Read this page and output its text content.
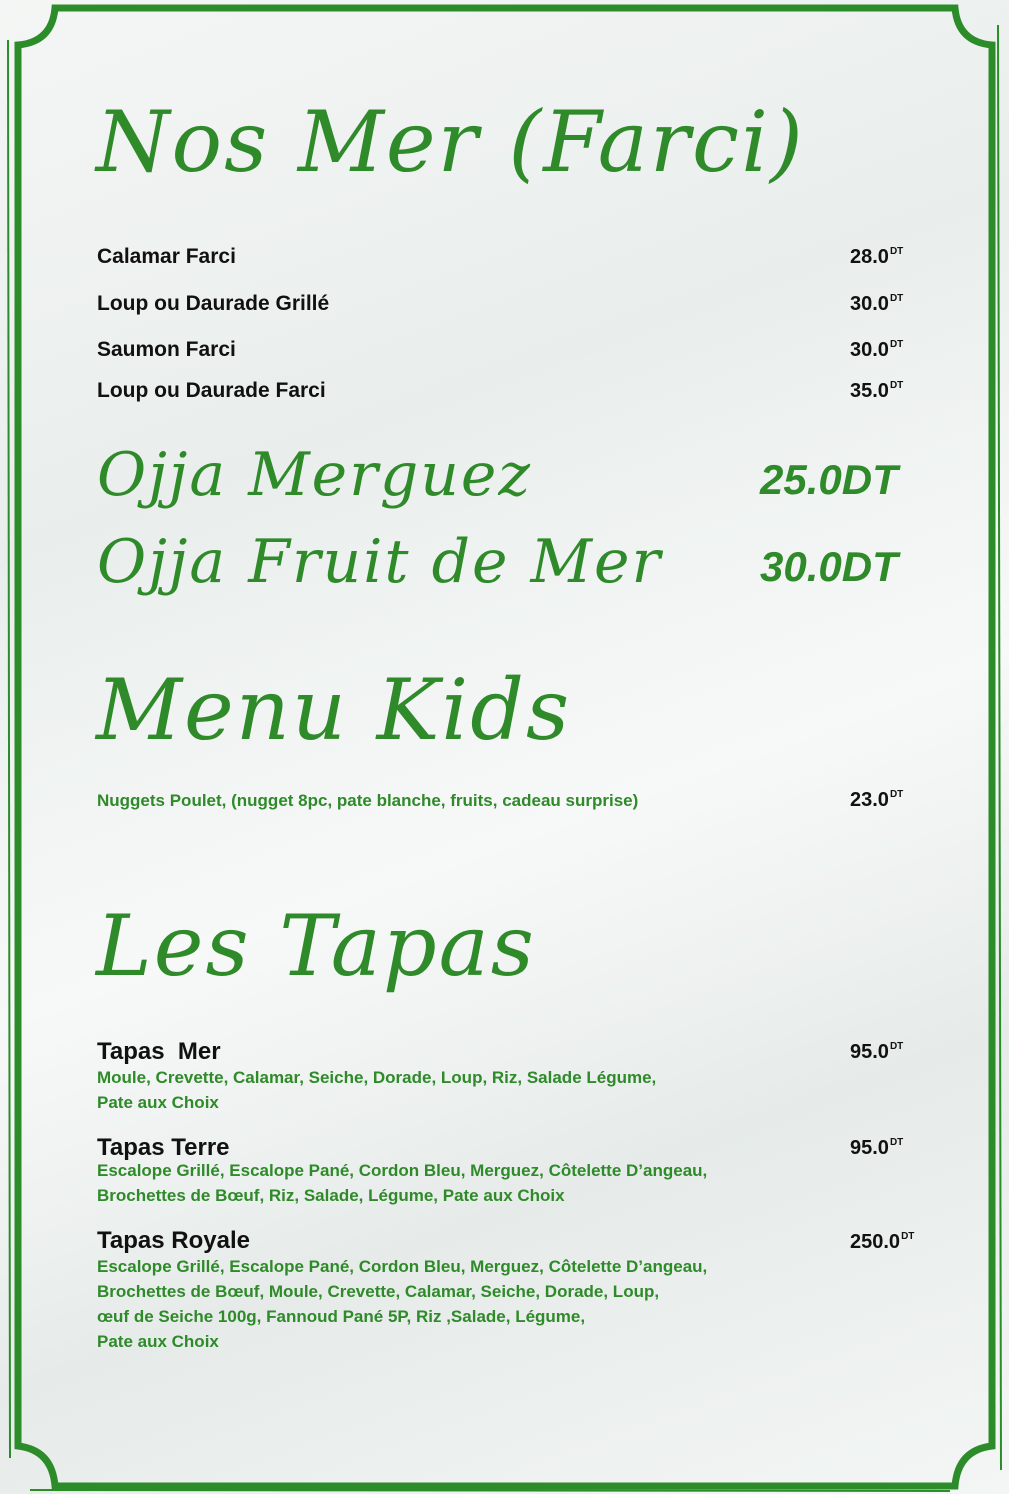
Nos Mer (Farci)
Calamar Farci	$28.0^{DT}$
Loup ou Daurade Grillé	$30.0^{DT}$
Saumon Farci	$30.0^{DT}$
Loup ou Daurade Farci	$35.0^{DT}$
Ojja Merguez	25.0DT
Ojja Fruit de Mer 30.0DT
Menu Kids
Nuggets Poulet, (nugget 8pc, pate blanche, fruits, cadeau surprise)	$23.0^{DT}$
Les Tapas
Tapas  Mer	$95.0^{DT}$
Moule, Crevette, Calamar, Seiche, Dorade, Loup, Riz, Salade Légume,
Pate aux Choix
Tapas Terre	$95.0^{DT}$
Escalope Grillé, Escalope Pané, Cordon Bleu, Merguez, Côtelette D’angeau,
Brochettes de Bœuf, Riz, Salade, Légume, Pate aux Choix
Tapas Royale	$250.0^{DT}$
Escalope Grillé, Escalope Pané, Cordon Bleu, Merguez, Côtelette D’angeau,
Brochettes de Bœuf, Moule, Crevette, Calamar, Seiche, Dorade, Loup,
œuf de Seiche 100g, Fannoud Pané 5P, Riz ,Salade, Légume,
Pate aux Choix
